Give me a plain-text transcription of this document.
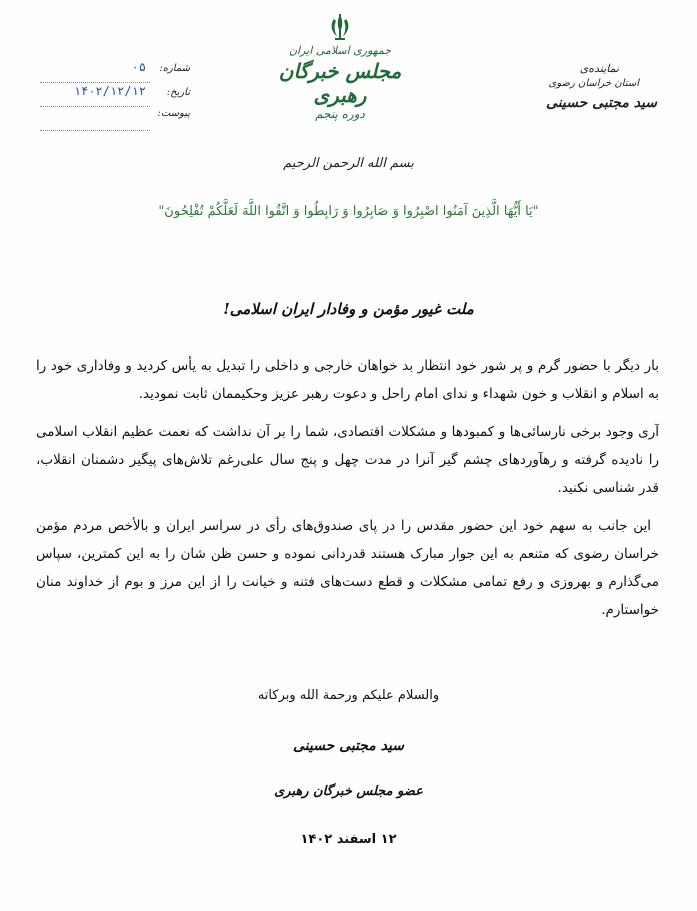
شماره:
۰۵
تاریخ:
۱۴۰۲/۱۲/۱۲
پیوست:
جمهوری اسلامی ایران
مجلس خبرگان رهبری
دوره پنجم
نماینده‌ی
استان خراسان رضوی
سید مجتبی حسینی
بسم الله الرحمن الرحیم
"يَا أَيُّهَا الَّذِينَ آمَنُوا اصْبِرُوا وَ صَابِرُوا وَ رَابِطُوا وَ اتَّقُوا اللَّهَ لَعَلَّكُمْ تُفْلِحُونَ"
ملت غیور مؤمن و وفادار ایران اسلامی!

بار دیگر با حضور گرم و پر شور خود انتظار بد خواهان خارجی و داخلی را تبدیل به یأس کردید و وفاداری خود را به اسلام و انقلاب و خون شهداء و ندای امام راحل و دعوت رهبر عزیز وحکیممان ثابت نمودید.

آری وجود برخی نارسائی‌ها و کمبودها و مشکلات اقتصادی، شما را بر آن نداشت که نعمت عظیم انقلاب اسلامی را نادیده گرفته و رهآوردهای چشم گیر آنرا در مدت چهل و پنج سال علی‌رغم تلاش‌های پیگیر دشمنان انقلاب، قدر شناسی نکنید.

این جانب به سهم خود این حضور مقدس را در پای صندوق‌های رأی در سراسر ایران و بالأخص مردم مؤمن خراسان رضوی که متنعم به این جوار مبارک هستند قدردانی نموده و حسن ظن شان را به این کمترین، سپاس می‌گذارم و بهروزی و رفع تمامی مشکلات و قطع دست‌های فتنه و خیانت را از این مرز و بوم از خداوند منان خواستارم.

والسلام علیکم ورحمة الله وبرکاته
سید مجتبی حسینی
عضو مجلس خبرگان رهبری
۱۲ اسفند ۱۴۰۲
